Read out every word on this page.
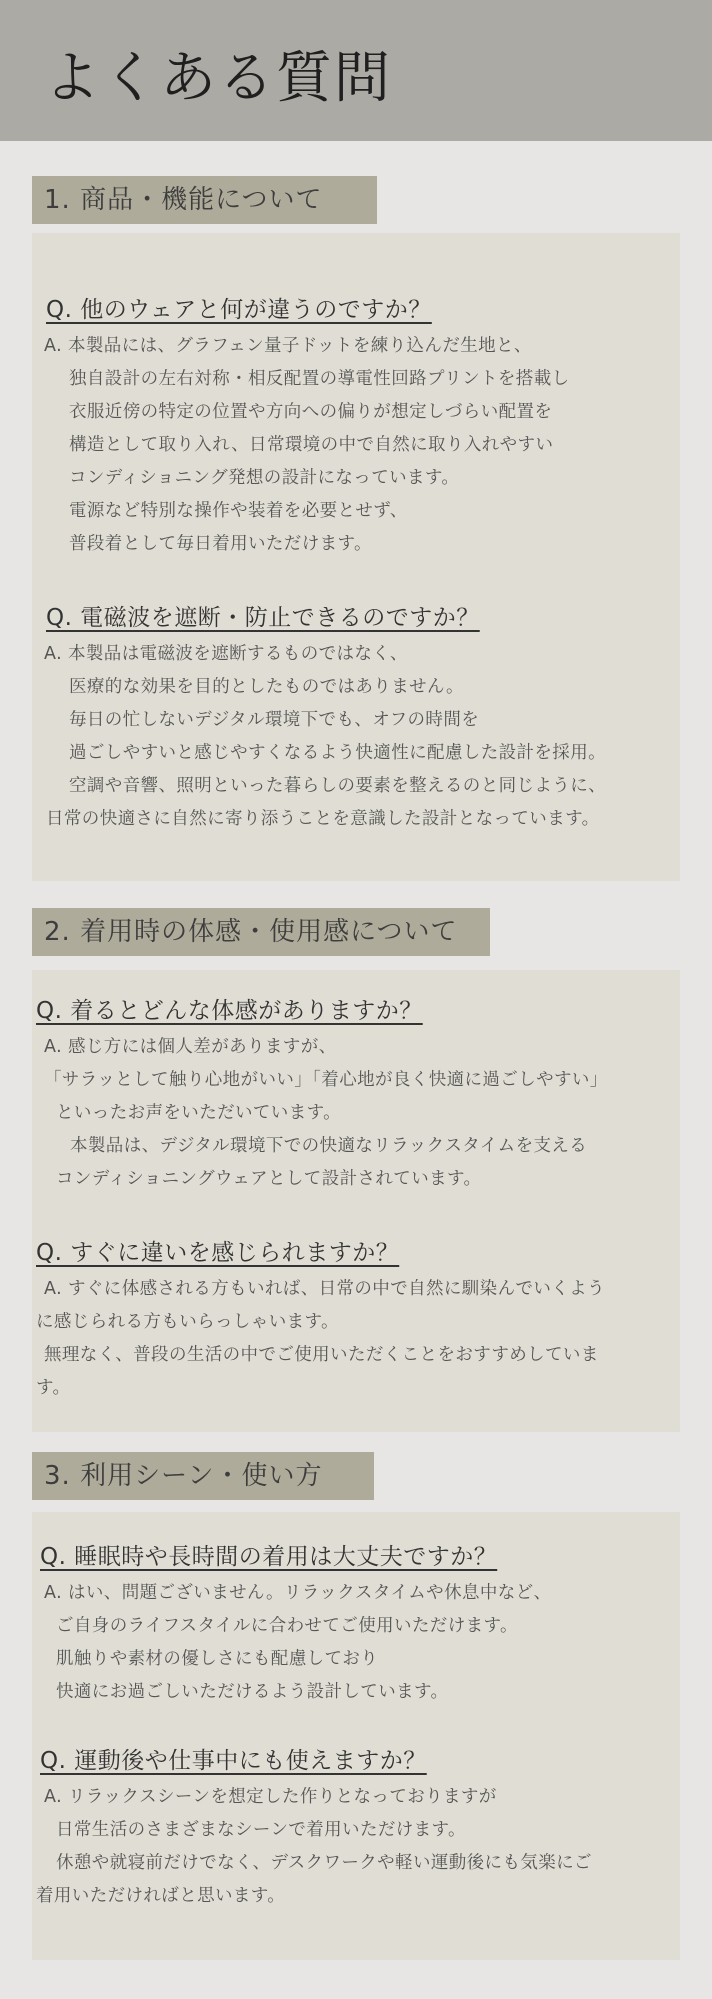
よくある質問
1. 商品・機能について
Q. 他のウェアと何が違うのですか？
A. 本製品には、グラフェン量子ドットを練り込んだ生地と、
独自設計の左右対称・相反配置の導電性回路プリントを搭載し
衣服近傍の特定の位置や方向への偏りが想定しづらい配置を
構造として取り入れ、日常環境の中で自然に取り入れやすい
コンディショニング発想の設計になっています。
電源など特別な操作や装着を必要とせず、
普段着として毎日着用いただけます。
Q. 電磁波を遮断・防止できるのですか？
A. 本製品は電磁波を遮断するものではなく、
医療的な効果を目的としたものではありません。
毎日の忙しないデジタル環境下でも、オフの時間を
過ごしやすいと感じやすくなるよう快適性に配慮した設計を採用。
空調や音響、照明といった暮らしの要素を整えるのと同じように、
日常の快適さに自然に寄り添うことを意識した設計となっています。
2. 着用時の体感・使用感について
Q. 着るとどんな体感がありますか？
A. 感じ方には個人差がありますが、
「サラッとして触り心地がいい」「着心地が良く快適に過ごしやすい」
といったお声をいただいています。
本製品は、デジタル環境下での快適なリラックスタイムを支える
コンディショニングウェアとして設計されています。
Q. すぐに違いを感じられますか？
A. すぐに体感される方もいれば、日常の中で自然に馴染んでいくよう
に感じられる方もいらっしゃいます。
無理なく、普段の生活の中でご使用いただくことをおすすめしていま
す。
3. 利用シーン・使い方
Q. 睡眠時や長時間の着用は大丈夫ですか？
A. はい、問題ございません。リラックスタイムや休息中など、
ご自身のライフスタイルに合わせてご使用いただけます。
肌触りや素材の優しさにも配慮しており
快適にお過ごしいただけるよう設計しています。
Q. 運動後や仕事中にも使えますか？
A. リラックスシーンを想定した作りとなっておりますが
日常生活のさまざまなシーンで着用いただけます。
休憩や就寝前だけでなく、デスクワークや軽い運動後にも気楽にご
着用いただければと思います。
